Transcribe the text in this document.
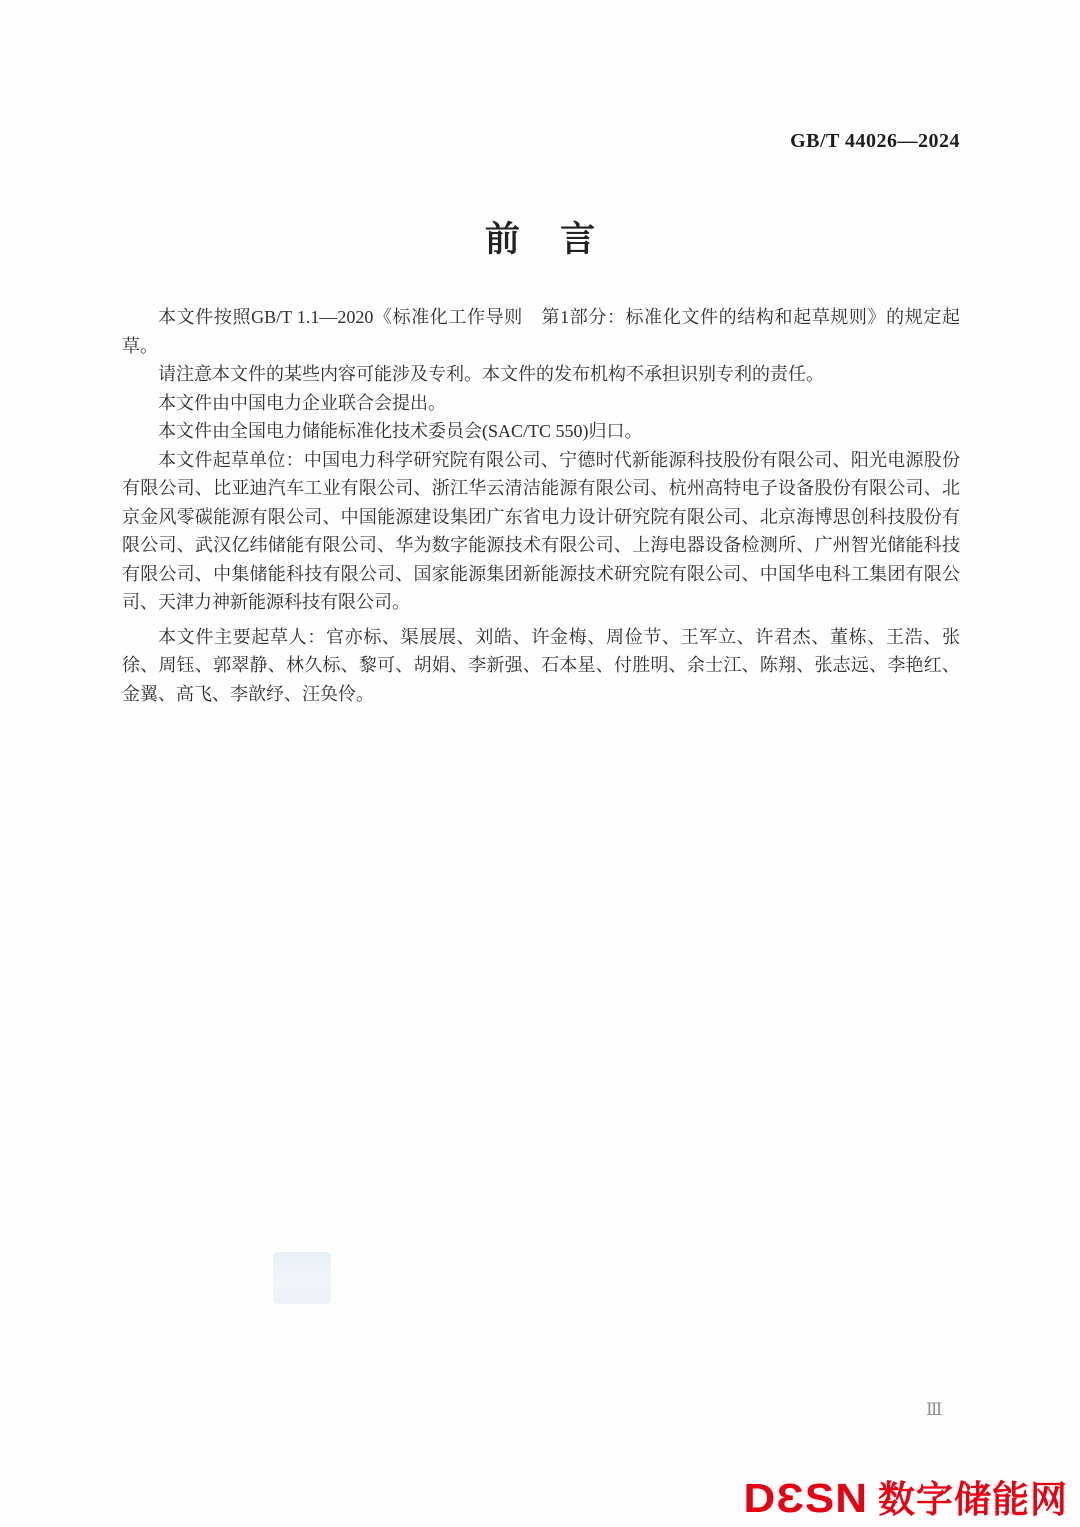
GB/T 44026—2024
前言

本文件按照GB/T 1.1—2020《标准化工作导则　第1部分：标准化文件的结构和起草规则》的规定起草。

请注意本文件的某些内容可能涉及专利。本文件的发布机构不承担识别专利的责任。

本文件由中国电力企业联合会提出。

本文件由全国电力储能标准化技术委员会(SAC/TC 550)归口。

本文件起草单位：中国电力科学研究院有限公司、宁德时代新能源科技股份有限公司、阳光电源股份有限公司、比亚迪汽车工业有限公司、浙江华云清洁能源有限公司、杭州高特电子设备股份有限公司、北京金风零碳能源有限公司、中国能源建设集团广东省电力设计研究院有限公司、北京海博思创科技股份有限公司、武汉亿纬储能有限公司、华为数字能源技术有限公司、上海电器设备检测所、广州智光储能科技有限公司、中集储能科技有限公司、国家能源集团新能源技术研究院有限公司、中国华电科工集团有限公司、天津力神新能源科技有限公司。

本文件主要起草人：官亦标、渠展展、刘皓、许金梅、周俭节、王军立、许君杰、董栋、王浩、张徐、周钰、郭翠静、林久标、黎可、胡娟、李新强、石本星、付胜明、余士江、陈翔、张志远、李艳红、金翼、高飞、李歆纾、汪奂伶。

Ⅲ
DƐSN 数字储能网
